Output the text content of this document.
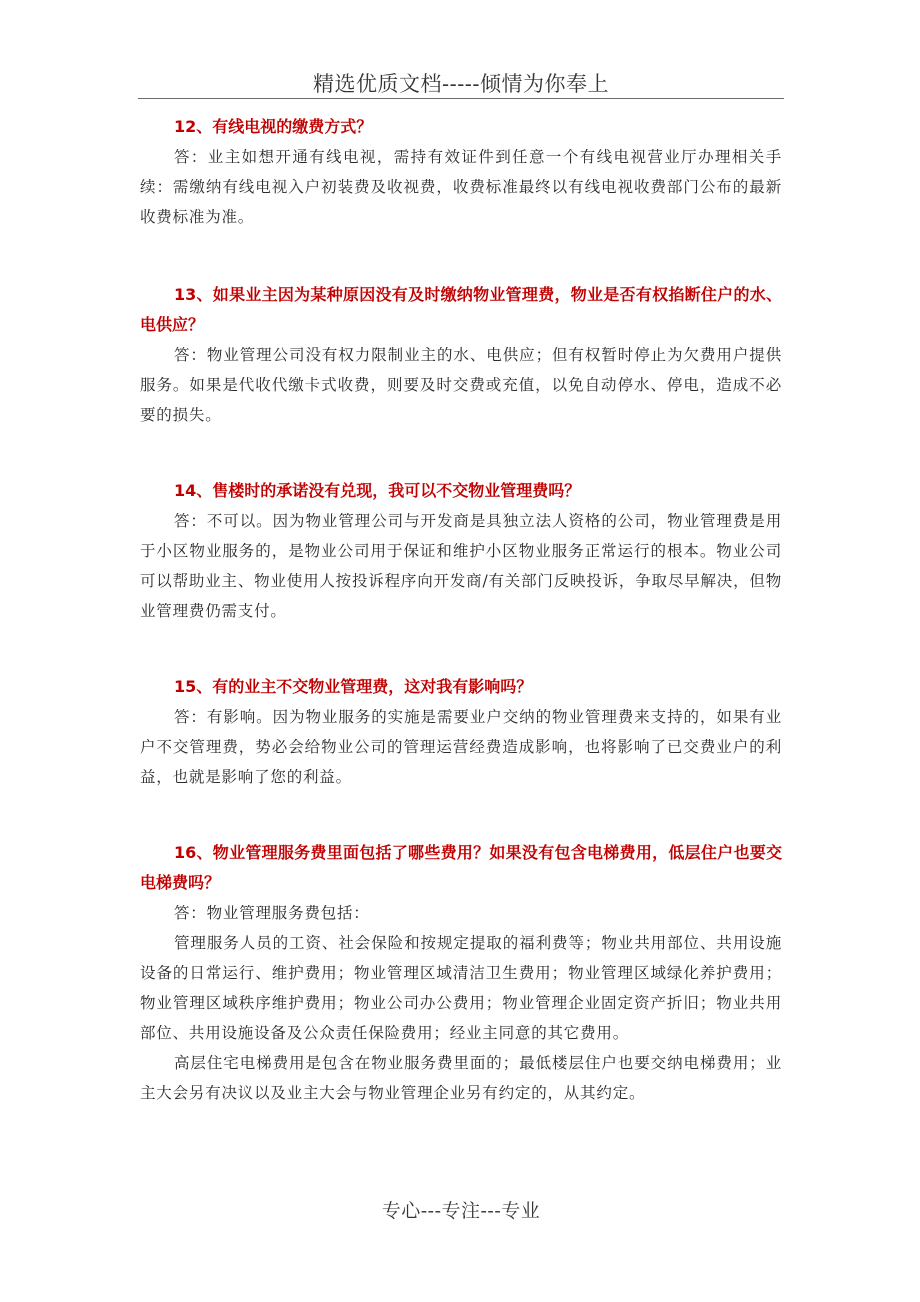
精选优质文档-----倾情为你奉上

12、有线电视的缴费方式？

答：业主如想开通有线电视，需持有效证件到任意一个有线电视营业厅办理相关手续：需缴纳有线电视入户初装费及收视费，收费标准最终以有线电视收费部门公布的最新收费标准为准。

13、如果业主因为某种原因没有及时缴纳物业管理费，物业是否有权掐断住户的水、电供应？

答：物业管理公司没有权力限制业主的水、电供应；但有权暂时停止为欠费用户提供服务。如果是代收代缴卡式收费，则要及时交费或充值，以免自动停水、停电，造成不必要的损失。

14、售楼时的承诺没有兑现，我可以不交物业管理费吗？

答：不可以。因为物业管理公司与开发商是具独立法人资格的公司，物业管理费是用于小区物业服务的，是物业公司用于保证和维护小区物业服务正常运行的根本。物业公司可以帮助业主、物业使用人按投诉程序向开发商/有关部门反映投诉，争取尽早解决，但物业管理费仍需支付。

15、有的业主不交物业管理费，这对我有影响吗？

答：有影响。因为物业服务的实施是需要业户交纳的物业管理费来支持的，如果有业户不交管理费，势必会给物业公司的管理运营经费造成影响，也将影响了已交费业户的利益，也就是影响了您的利益。

16、物业管理服务费里面包括了哪些费用？如果没有包含电梯费用，低层住户也要交电梯费吗？

答：物业管理服务费包括：

管理服务人员的工资、社会保险和按规定提取的福利费等；物业共用部位、共用设施设备的日常运行、维护费用；物业管理区域清洁卫生费用；物业管理区域绿化养护费用；物业管理区域秩序维护费用；物业公司办公费用；物业管理企业固定资产折旧；物业共用部位、共用设施设备及公众责任保险费用；经业主同意的其它费用。

高层住宅电梯费用是包含在物业服务费里面的；最低楼层住户也要交纳电梯费用；业主大会另有决议以及业主大会与物业管理企业另有约定的，从其约定。

专心---专注---专业
